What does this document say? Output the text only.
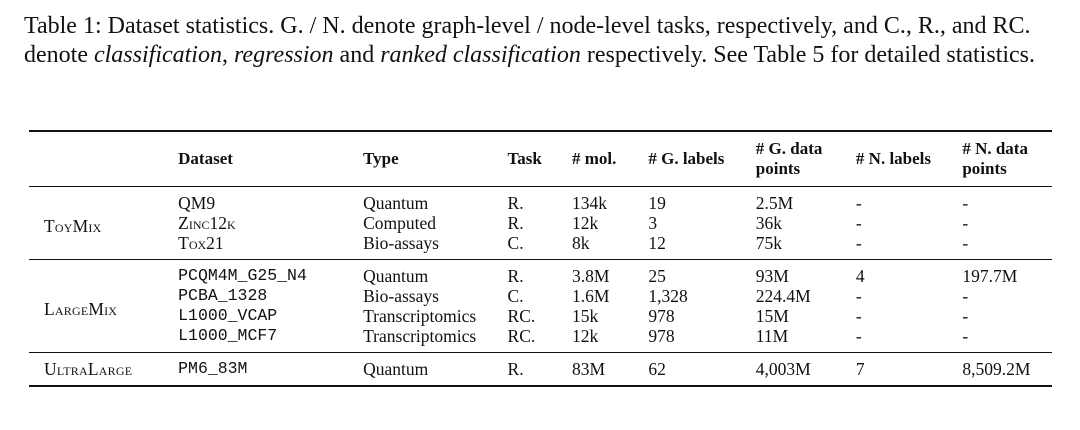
Table 1: Dataset statistics. G. / N. denote graph-level / node-level tasks, respectively, and C., R., and RC. denote classification, regression and ranked classification respectively. See Table 5 for detailed statistics.

	Dataset	Type	Task	# mol.	# G. labels	# G. data points	# N. labels	# N. data points
ToyMix	QM9	Quantum	R.	134k	19	2.5M	-	-
	Zinc12k	Computed	R.	12k	3	36k	-	-
	Tox21	Bio-assays	C.	8k	12	75k	-	-
LargeMix	PCQM4M_G25_N4	Quantum	R.	3.8M	25	93M	4	197.7M
	PCBA_1328	Bio-assays	C.	1.6M	1,328	224.4M	-	-
	L1000_VCAP	Transcriptomics	RC.	15k	978	15M	-	-
	L1000_MCF7	Transcriptomics	RC.	12k	978	11M	-	-
UltraLarge	PM6_83M	Quantum	R.	83M	62	4,003M	7	8,509.2M
